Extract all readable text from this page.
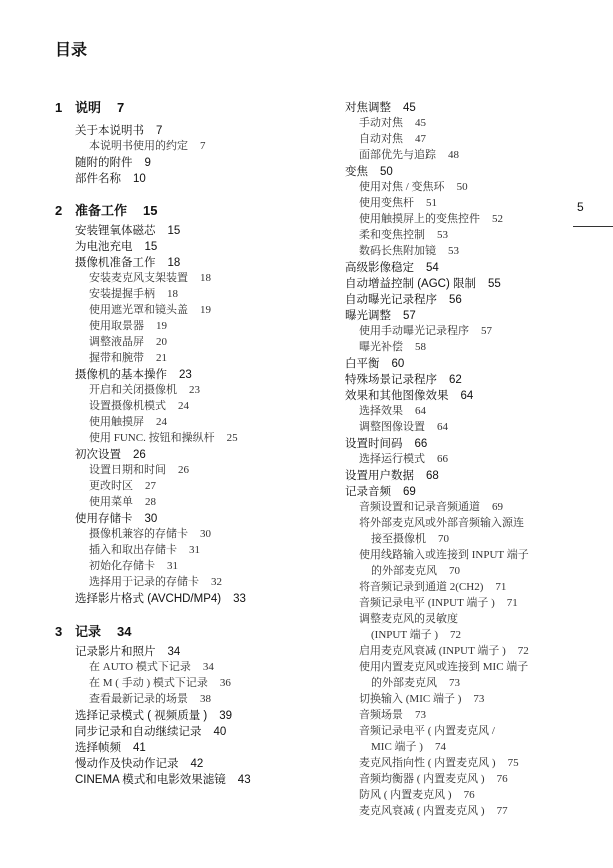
目录
5
1 说明 7
关于本说明书 7
本说明书使用的约定 7
随附的附件 9
部件名称 10
2 准备工作 15
安装锂氧体磁芯 15
为电池充电 15
摄像机准备工作 18
安装麦克风支架装置 18
安装提握手柄 18
使用遮光罩和镜头盖 19
使用取景器 19
调整液晶屏 20
握带和腕带 21
摄像机的基本操作 23
开启和关闭摄像机 23
设置摄像机模式 24
使用触摸屏 24
使用 FUNC. 按钮和操纵杆 25
初次设置 26
设置日期和时间 26
更改时区 27
使用菜单 28
使用存储卡 30
摄像机兼容的存储卡 30
插入和取出存储卡 31
初始化存储卡 31
选择用于记录的存储卡 32
选择影片格式 (AVCHD/MP4) 33
3 记录 34
记录影片和照片 34
在 AUTO 模式下记录 34
在 M ( 手动 ) 模式下记录 36
查看最新记录的场景 38
选择记录模式 ( 视频质量 ) 39
同步记录和自动继续记录 40
选择帧频 41
慢动作及快动作记录 42
CINEMA 模式和电影效果滤镜 43
对焦调整 45
手动对焦 45
自动对焦 47
面部优先与追踪 48
变焦 50
使用对焦 / 变焦环 50
使用变焦杆 51
使用触摸屏上的变焦控件 52
柔和变焦控制 53
数码长焦附加镜 53
高级影像稳定 54
自动增益控制 (AGC) 限制 55
自动曝光记录程序 56
曝光调整 57
使用手动曝光记录程序 57
曝光补偿 58
白平衡 60
特殊场景记录程序 62
效果和其他图像效果 64
选择效果 64
调整图像设置 64
设置时间码 66
选择运行模式 66
设置用户数据 68
记录音频 69
音频设置和记录音频通道 69
将外部麦克风或外部音频输入源连
接至摄像机 70
使用线路输入或连接到 INPUT 端子
的外部麦克风 70
将音频记录到通道 2(CH2) 71
音频记录电平 (INPUT 端子 ) 71
调整麦克风的灵敏度
(INPUT 端子 ) 72
启用麦克风衰减 (INPUT 端子 ) 72
使用内置麦克风或连接到 MIC 端子
的外部麦克风 73
切换输入 (MIC 端子 ) 73
音频场景 73
音频记录电平 ( 内置麦克风 /
MIC 端子 ) 74
麦克风指向性 ( 内置麦克风 ) 75
音频均衡器 ( 内置麦克风 ) 76
防风 ( 内置麦克风 ) 76
麦克风衰减 ( 内置麦克风 ) 77
